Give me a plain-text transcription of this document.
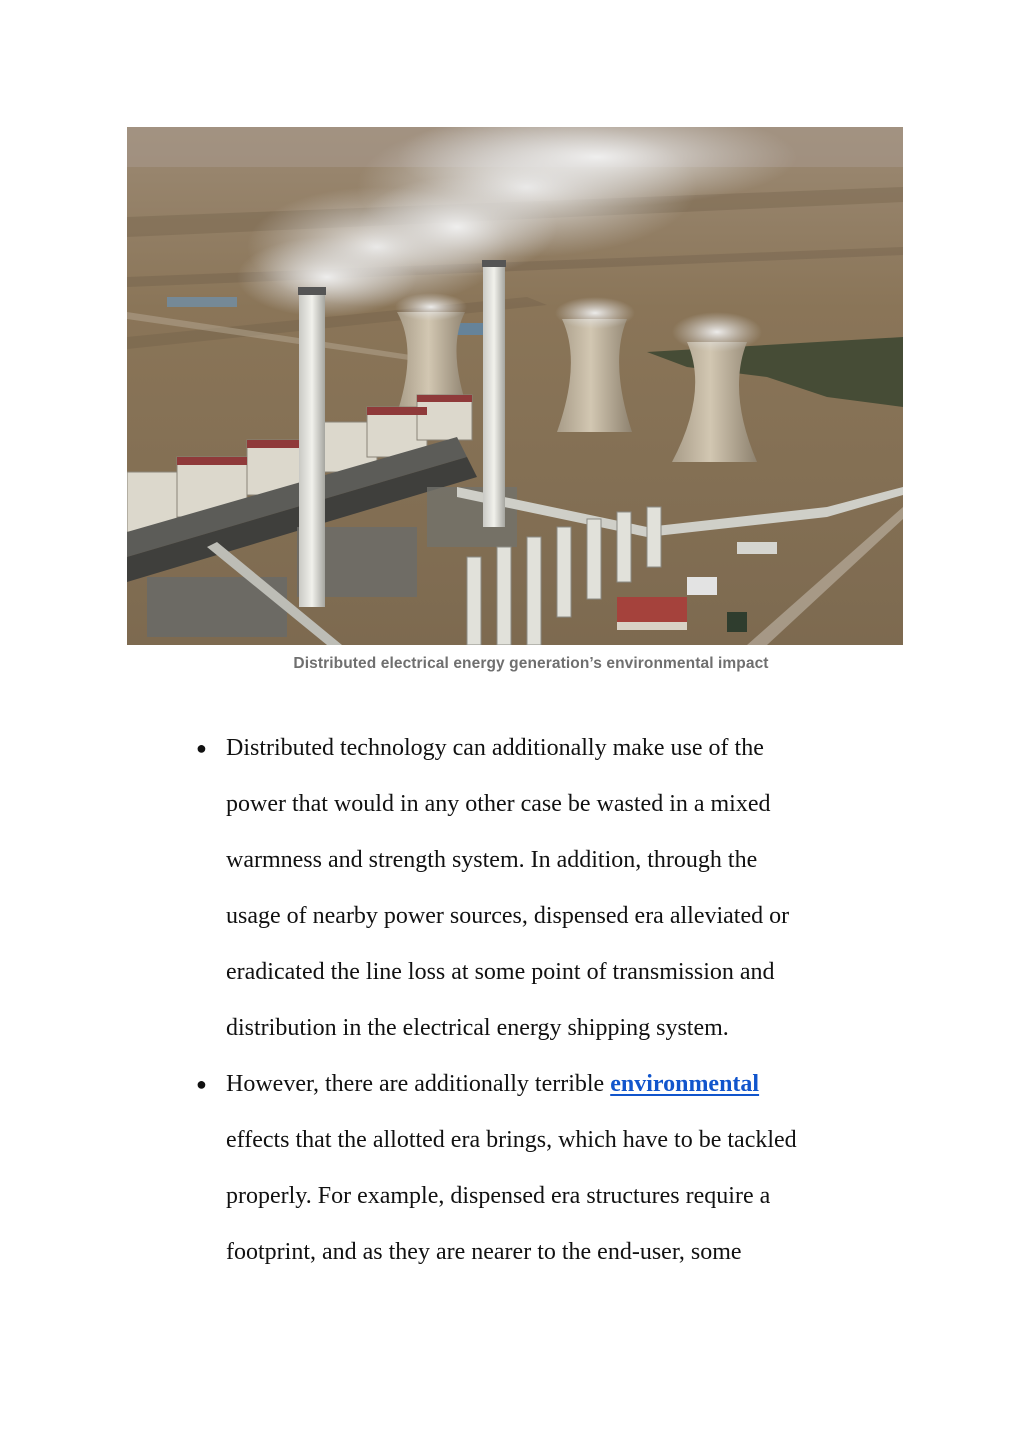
Distributed electrical energy generation’s environmental impact
● Distributed technology can additionally make use of the
power that would in any other case be wasted in a mixed
warmness and strength system. In addition, through the
usage of nearby power sources, dispensed era alleviated or
eradicated the line loss at some point of transmission and
distribution in the electrical energy shipping system.
● However, there are additionally terrible environmental
effects that the allotted era brings, which have to be tackled
properly. For example, dispensed era structures require a
footprint, and as they are nearer to the end-user, some
